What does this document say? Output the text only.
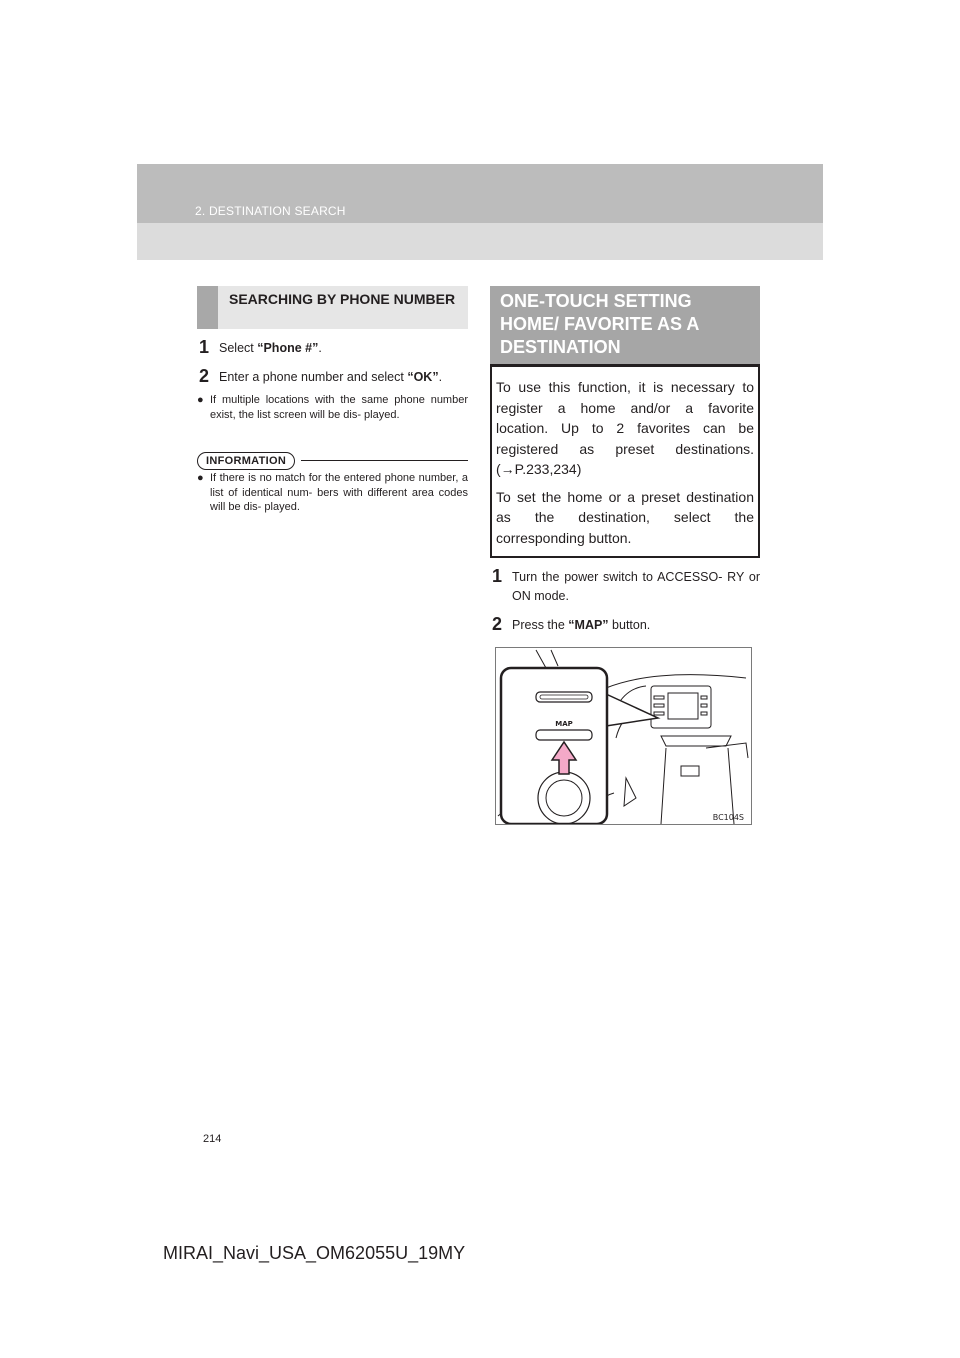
2. DESTINATION SEARCH
SEARCHING BY PHONE NUMBER
1 Select “Phone #”.
2 Enter a phone number and select “OK”.
● If multiple locations with the same phone number exist, the list screen will be dis- played.
INFORMATION
● If there is no match for the entered phone number, a list of identical num- bers with different area codes will be dis- played.
ONE-TOUCH SETTING HOME/ FAVORITE AS A DESTINATION

To use this function, it is necessary to register a home and/or a favorite location. Up to 2 favorites can be registered as preset destinations. (→P.233,234)

To set the home or a preset destination as the destination, select the corresponding button.

1 Turn the power switch to ACCESSO- RY or ON mode.
2 Press the “MAP” button.
MAP
BC104S
214
MIRAI_Navi_USA_OM62055U_19MY
